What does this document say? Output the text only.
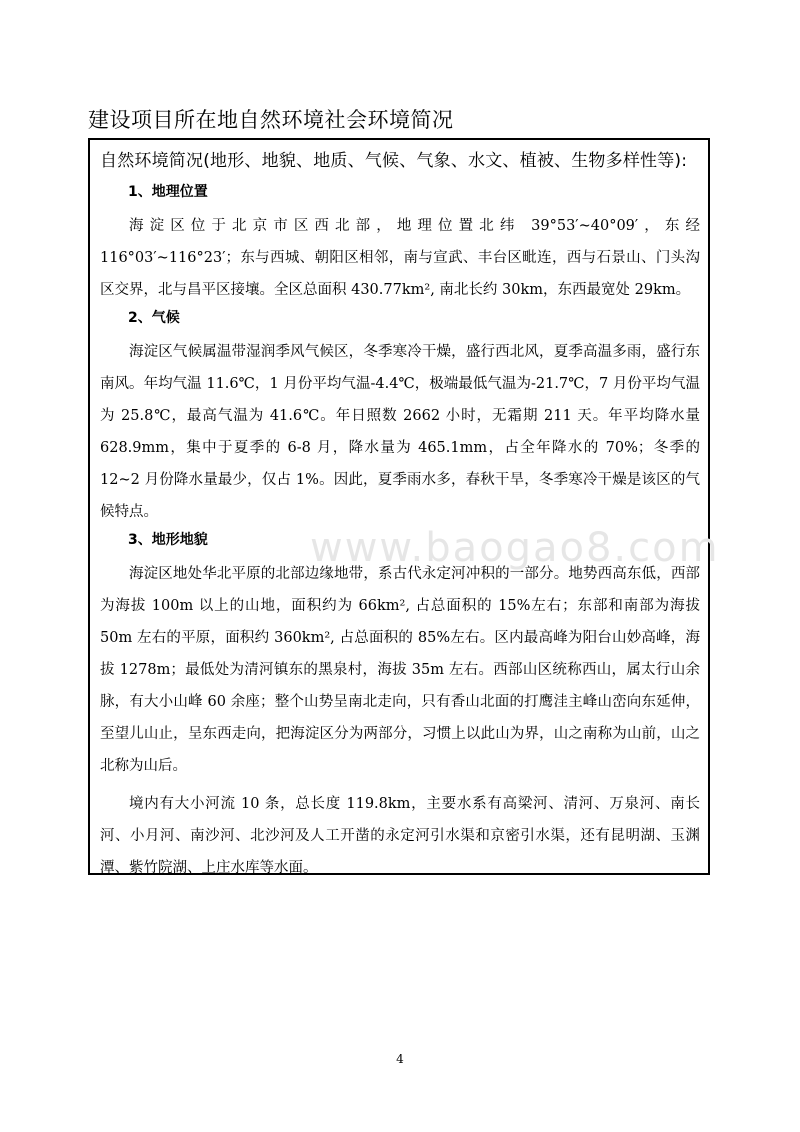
建设项目所在地自然环境社会环境简况
自然环境简况(地形、地貌、地质、气候、气象、水文、植被、生物多样性等):
1、地理位置

海淀区位于北京市区西北部，地理位置北纬 39°53′~40°09′，东经 116°03′~116°23′；东与西城、朝阳区相邻，南与宣武、丰台区毗连，西与石景山、门头沟区交界，北与昌平区接壤。全区总面积 430.77km², 南北长约 30km，东西最宽处 29km。

2、气候

海淀区气候属温带湿润季风气候区，冬季寒冷干燥，盛行西北风，夏季高温多雨，盛行东南风。年均气温 11.6℃，1 月份平均气温-4.4℃，极端最低气温为-21.7℃，7 月份平均气温为 25.8℃，最高气温为 41.6℃。年日照数 2662 小时，无霜期 211 天。年平均降水量 628.9mm，集中于夏季的 6-8 月，降水量为 465.1mm，占全年降水的 70%；冬季的 12~2 月份降水量最少，仅占 1%。因此，夏季雨水多，春秋干旱，冬季寒冷干燥是该区的气候特点。

3、地形地貌

海淀区地处华北平原的北部边缘地带，系古代永定河冲积的一部分。地势西高东低，西部为海拔 100m 以上的山地，面积约为 66km², 占总面积的 15%左右；东部和南部为海拔 50m 左右的平原，面积约 360km², 占总面积的 85%左右。区内最高峰为阳台山妙高峰，海拔 1278m；最低处为清河镇东的黑泉村，海拔 35m 左右。西部山区统称西山，属太行山余脉，有大小山峰 60 余座；整个山势呈南北走向，只有香山北面的打鹰洼主峰山峦向东延伸，至望儿山止，呈东西走向，把海淀区分为两部分，习惯上以此山为界，山之南称为山前，山之北称为山后。

境内有大小河流 10 条，总长度 119.8km，主要水系有高梁河、清河、万泉河、南长河、小月河、南沙河、北沙河及人工开凿的永定河引水渠和京密引水渠，还有昆明湖、玉渊潭、紫竹院湖、上庄水库等水面。

www.baogao8.com
4
